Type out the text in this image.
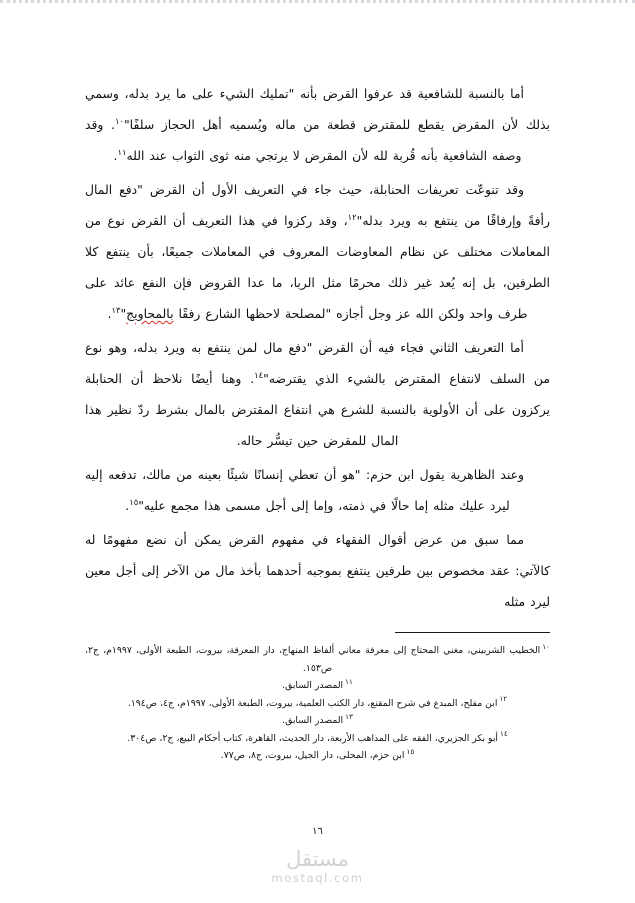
أما بالنسبة للشافعية قد عرفوا القرض بأنه "تمليك الشيء على ما يرد بدله، وسمي بذلك لأن المقرض يقطع للمقترض قطعة من ماله ويُسميه أهل الحجاز سلفًا"$^{١٠}$. وقد وصفه الشافعية بأنه قُربة لله لأن المقرض لا يرتجي منه ثوى الثواب عند الله$^{١١}$.

وقد تنوعّت تعريفات الحنابلة، حيث جاء في التعريف الأول أن القرض "دفع المال رأفةً وإرفاقًا من ينتفع به ويرد بدله"$^{١٢}$، وقد ركزوا في هذا التعريف أن القرض نوع من المعاملات مختلف عن نظام المعاوضات المعروف في المعاملات جميعًا، بأن ينتفع كلا الطرفين، بل إنه يُعد غير ذلك محرمًا مثل الربا، ما عدا القروض فإن النفع عائد على طرف واحد ولكن الله عز وجل أجازه "لمصلحة لاحظها الشارع رفقًا بالمحاويج"$^{١٣}$.

أما التعريف الثاني فجاء فيه أن القرض "دفع مال لمن ينتفع به ويرد بدله، وهو نوع من السلف لانتفاع المقترض بالشيء الذي يقترضه"$^{١٤}$. وهنا أيضًا نلاحظ أن الحنابلة يركزون على أن الأولوية بالنسبة للشرع هي انتفاع المقترض بالمال بشرط ردّ نظير هذا المال للمقرض حين تيسُّر حاله.

وعند الظاهرية يقول ابن حزم: "هو أن تعطي إنسانًا شيئًا بعينه من مالك، تدفعه إليه ليرد عليك مثله إما حالًا في ذمته، وإما إلى أجل مسمى هذا مجمع عليه"$^{١٥}$.

مما سبق من عرض أقوال الفقهاء في مفهوم القرض يمكن أن نضع مفهومًا له كالآتي: عقد مخصوص بين طرفين ينتفع بموجبه أحدهما بأخذ مال من الآخر إلى أجل معين ليرد مثله

$^{١٠}$الخطيب الشربيني، مغني المحتاج إلى معرفة معاني ألفاظ المنهاج، دار المعرفة، بيروت، الطبعة الأولى، ١٩٩٧م، ج٢، ص١٥٣.
$^{١١}$المصدر السابق.
$^{١٢}$ابن مفلح، المبدع في شرح المقنع، دار الكتب العلمية، بيروت، الطبعة الأولى، ١٩٩٧م، ج٤، ص١٩٤.
$^{١٣}$المصدر السابق.
$^{١٤}$أبو بكر الجزيري، الفقه على المذاهب الأربعة، دار الحديث، القاهرة، كتاب أحكام البيع، ج٢، ص٣٠٤.
$^{١٥}$ابن حزم، المحلى، دار الجيل، بيروت، ج٨، ص٧٧.
١٦
مستقل
mostaql.com
